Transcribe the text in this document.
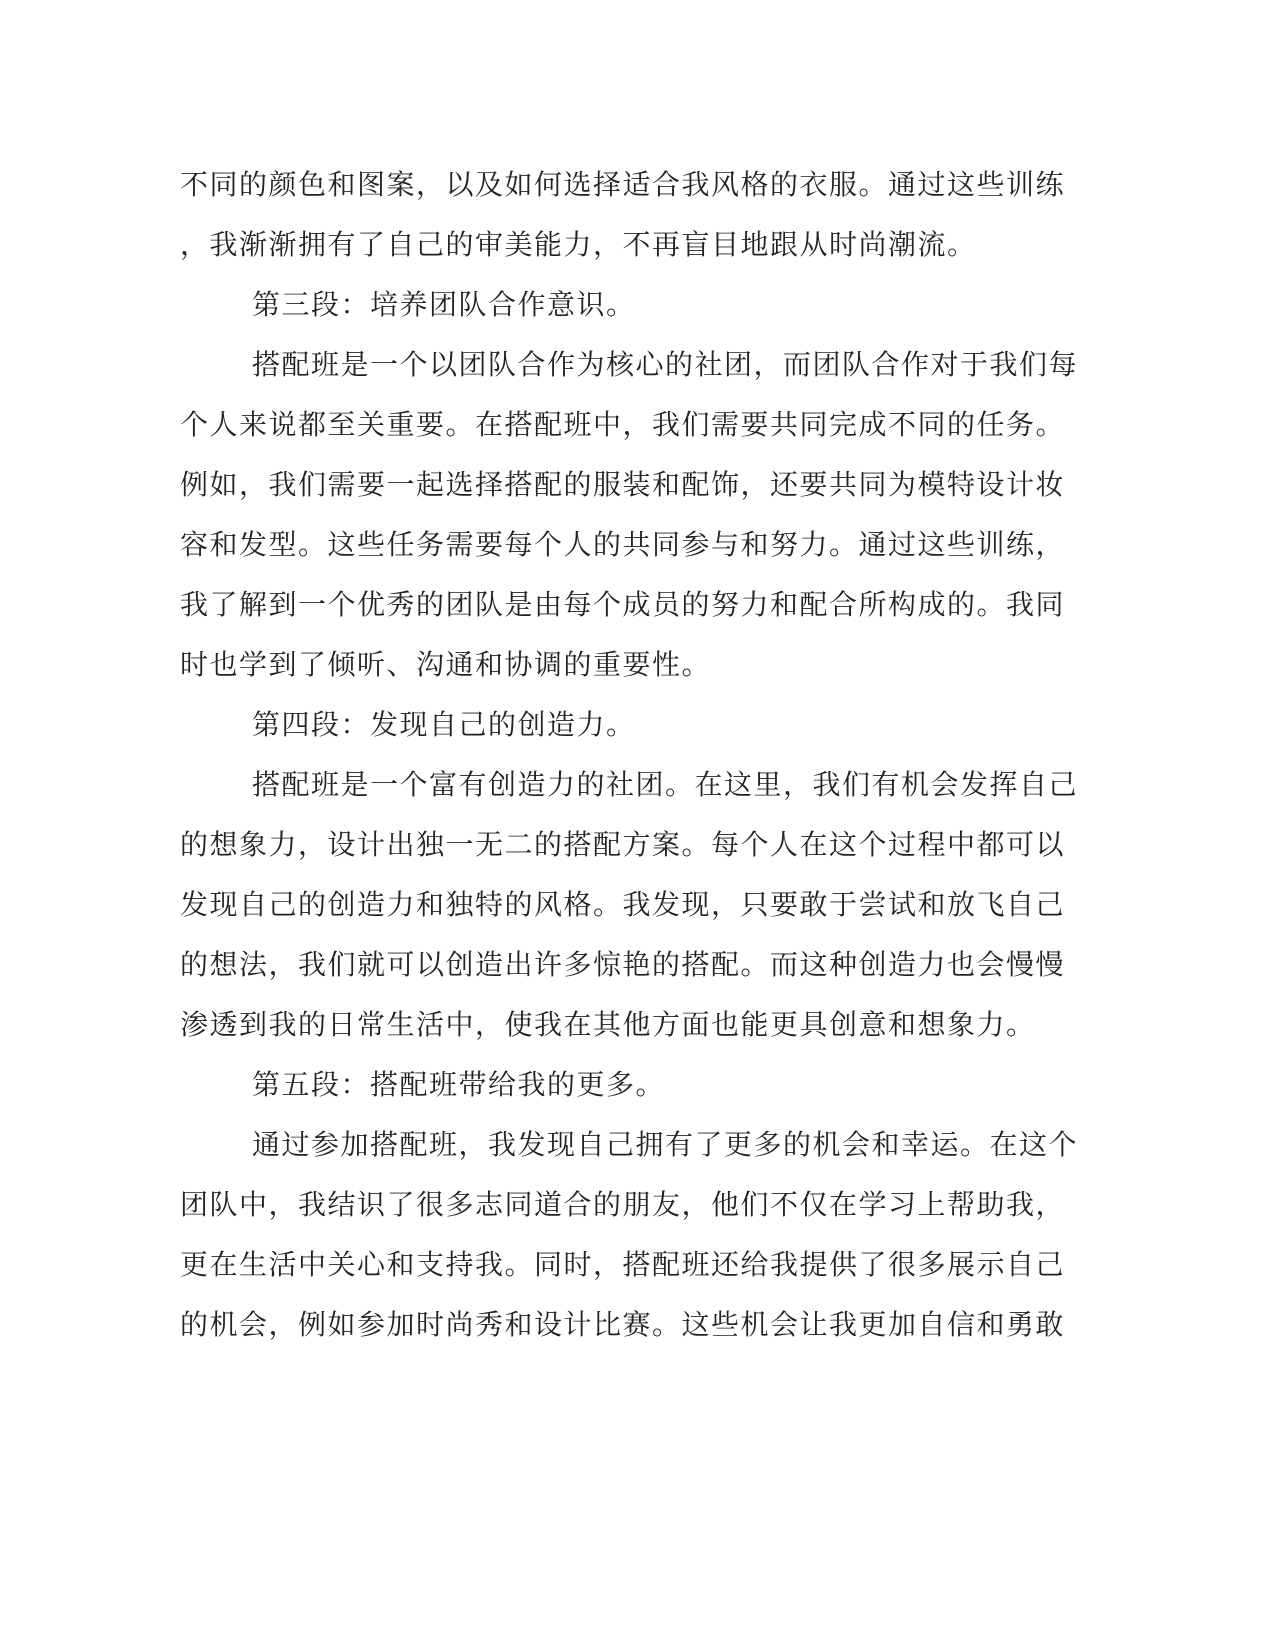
不同的颜色和图案，以及如何选择适合我风格的衣服。通过这些训练
，我渐渐拥有了自己的审美能力，不再盲目地跟从时尚潮流。
第三段：培养团队合作意识。
搭配班是一个以团队合作为核心的社团，而团队合作对于我们每
个人来说都至关重要。在搭配班中，我们需要共同完成不同的任务。
例如，我们需要一起选择搭配的服装和配饰，还要共同为模特设计妆
容和发型。这些任务需要每个人的共同参与和努力。通过这些训练，
我了解到一个优秀的团队是由每个成员的努力和配合所构成的。我同
时也学到了倾听、沟通和协调的重要性。
第四段：发现自己的创造力。
搭配班是一个富有创造力的社团。在这里，我们有机会发挥自己
的想象力，设计出独一无二的搭配方案。每个人在这个过程中都可以
发现自己的创造力和独特的风格。我发现，只要敢于尝试和放飞自己
的想法，我们就可以创造出许多惊艳的搭配。而这种创造力也会慢慢
渗透到我的日常生活中，使我在其他方面也能更具创意和想象力。
第五段：搭配班带给我的更多。
通过参加搭配班，我发现自己拥有了更多的机会和幸运。在这个
团队中，我结识了很多志同道合的朋友，他们不仅在学习上帮助我，
更在生活中关心和支持我。同时，搭配班还给我提供了很多展示自己
的机会，例如参加时尚秀和设计比赛。这些机会让我更加自信和勇敢
